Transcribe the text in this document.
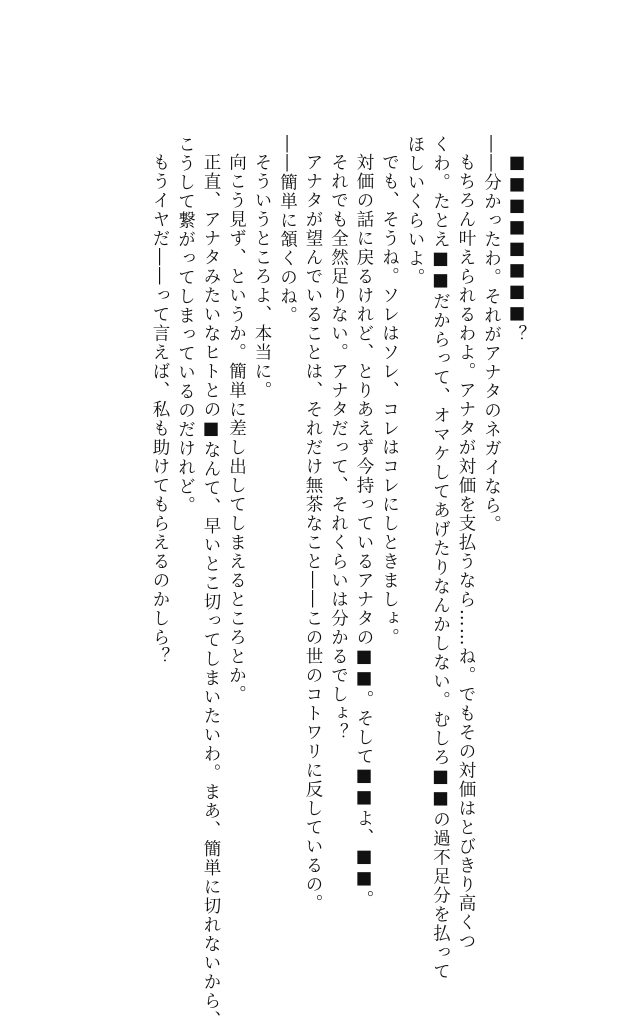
■■■■■■■■？

――分かったわ。それがアナタのネガイなら。

もちろん叶えられるわよ。アナタが対価を支払うなら……ね。でもその対価はとびきり高くつ

くわ。たとえ■■だからって、オマケしてあげたりなんかしない。むしろ■■の過不足分を払って

ほしいくらいよ。

でも、そうね。ソレはソレ、コレはコレにしときましょ。

対価の話に戻るけれど、とりあえず今持っているアナタの■■。そして■■よ、■■。

それでも全然足りない。アナタだって、それくらいは分かるでしょ？

アナタが望んでいることは、それだけ無茶なこと――この世のコトワリに反しているの。

――簡単に頷くのね。

そういうところよ、本当に。

向こう見ず、というか。簡単に差し出してしまえるところとか。

正直、アナタみたいなヒトとの■なんて、早いとこ切ってしまいたいわ。まあ、簡単に切れないから、

こうして繋がってしまっているのだけれど。

もうイヤだ――って言えば、私も助けてもらえるのかしら？
